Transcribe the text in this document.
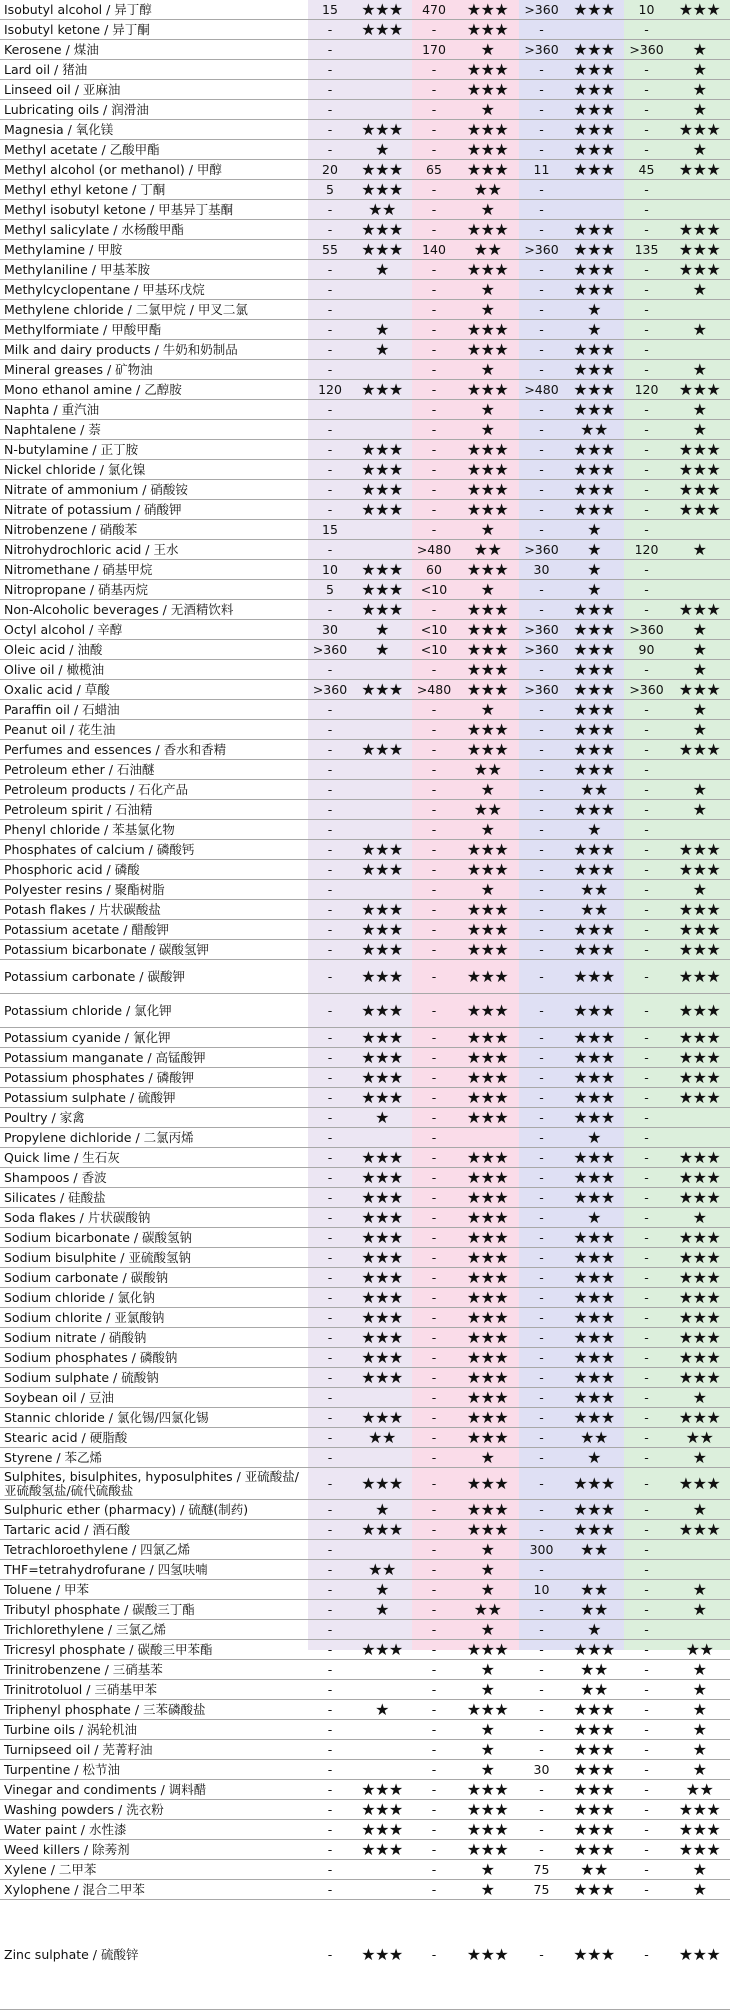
Isobutyl alcohol / 异丁醇	15	★★★	470	★★★	>360	★★★	10	★★★
Isobutyl ketone / 异丁酮	-	★★★	-	★★★	-		-	
Kerosene / 煤油	-		170	★	>360	★★★	>360	★
Lard oil / 猪油	-		-	★★★	-	★★★	-	★
Linseed oil / 亚麻油	-		-	★★★	-	★★★	-	★
Lubricating oils / 润滑油	-		-	★	-	★★★	-	★
Magnesia / 氧化镁	-	★★★	-	★★★	-	★★★	-	★★★
Methyl acetate / 乙酸甲酯	-	★	-	★★★	-	★★★	-	★
Methyl alcohol (or methanol) / 甲醇	20	★★★	65	★★★	11	★★★	45	★★★
Methyl ethyl ketone / 丁酮	5	★★★	-	★★	-		-	
Methyl isobutyl ketone / 甲基异丁基酮	-	★★	-	★	-		-	
Methyl salicylate / 水杨酸甲酯	-	★★★	-	★★★	-	★★★	-	★★★
Methylamine / 甲胺	55	★★★	140	★★	>360	★★★	135	★★★
Methylaniline / 甲基苯胺	-	★	-	★★★	-	★★★	-	★★★
Methylcyclopentane / 甲基环戊烷	-		-	★	-	★★★	-	★
Methylene chloride / 二氯甲烷 / 甲叉二氯	-		-	★	-	★	-	
Methylformiate / 甲酸甲酯	-	★	-	★★★	-	★	-	★
Milk and dairy products / 牛奶和奶制品	-	★	-	★★★	-	★★★	-	
Mineral greases / 矿物油	-		-	★	-	★★★	-	★
Mono ethanol amine / 乙醇胺	120	★★★	-	★★★	>480	★★★	120	★★★
Naphta / 重汽油	-		-	★	-	★★★	-	★
Naphtalene / 萘	-		-	★	-	★★	-	★
N-butylamine / 正丁胺	-	★★★	-	★★★	-	★★★	-	★★★
Nickel chloride / 氯化镍	-	★★★	-	★★★	-	★★★	-	★★★
Nitrate of ammonium / 硝酸铵	-	★★★	-	★★★	-	★★★	-	★★★
Nitrate of potassium / 硝酸钾	-	★★★	-	★★★	-	★★★	-	★★★
Nitrobenzene / 硝酸苯	15		-	★	-	★	-	
Nitrohydrochloric acid / 王水	-		>480	★★	>360	★	120	★
Nitromethane / 硝基甲烷	10	★★★	60	★★★	30	★	-	
Nitropropane / 硝基丙烷	5	★★★	<10	★	-	★	-	
Non-Alcoholic beverages / 无酒精饮料	-	★★★	-	★★★	-	★★★	-	★★★
Octyl alcohol / 辛醇	30	★	<10	★★★	>360	★★★	>360	★
Oleic acid / 油酸	>360	★	<10	★★★	>360	★★★	90	★
Olive oil / 橄榄油	-		-	★★★	-	★★★	-	★
Oxalic acid / 草酸	>360	★★★	>480	★★★	>360	★★★	>360	★★★
Paraffin oil / 石蜡油	-		-	★	-	★★★	-	★
Peanut oil / 花生油	-		-	★★★	-	★★★	-	★
Perfumes and essences / 香水和香精	-	★★★	-	★★★	-	★★★	-	★★★
Petroleum ether / 石油醚	-		-	★★	-	★★★	-	
Petroleum products / 石化产品	-		-	★	-	★★	-	★
Petroleum spirit / 石油精	-		-	★★	-	★★★	-	★
Phenyl chloride / 苯基氯化物	-		-	★	-	★	-	
Phosphates of calcium / 磷酸钙	-	★★★	-	★★★	-	★★★	-	★★★
Phosphoric acid / 磷酸	-	★★★	-	★★★	-	★★★	-	★★★
Polyester resins / 聚酯树脂	-		-	★	-	★★	-	★
Potash flakes / 片状碳酸盐	-	★★★	-	★★★	-	★★	-	★★★
Potassium acetate / 醋酸钾	-	★★★	-	★★★	-	★★★	-	★★★
Potassium bicarbonate / 碳酸氢钾	-	★★★	-	★★★	-	★★★	-	★★★
Potassium carbonate / 碳酸钾	-	★★★	-	★★★	-	★★★	-	★★★
Potassium chloride / 氯化钾	-	★★★	-	★★★	-	★★★	-	★★★
Potassium cyanide / 氰化钾	-	★★★	-	★★★	-	★★★	-	★★★
Potassium manganate / 高锰酸钾	-	★★★	-	★★★	-	★★★	-	★★★
Potassium phosphates / 磷酸钾	-	★★★	-	★★★	-	★★★	-	★★★
Potassium sulphate / 硫酸钾	-	★★★	-	★★★	-	★★★	-	★★★
Poultry / 家禽	-	★	-	★★★	-	★★★	-	
Propylene dichloride / 二氯丙烯	-		-		-	★	-	
Quick lime / 生石灰	-	★★★	-	★★★	-	★★★	-	★★★
Shampoos / 香波	-	★★★	-	★★★	-	★★★	-	★★★
Silicates / 硅酸盐	-	★★★	-	★★★	-	★★★	-	★★★
Soda flakes / 片状碳酸钠	-	★★★	-	★★★	-	★	-	★
Sodium bicarbonate / 碳酸氢钠	-	★★★	-	★★★	-	★★★	-	★★★
Sodium bisulphite / 亚硫酸氢钠	-	★★★	-	★★★	-	★★★	-	★★★
Sodium carbonate / 碳酸钠	-	★★★	-	★★★	-	★★★	-	★★★
Sodium chloride / 氯化钠	-	★★★	-	★★★	-	★★★	-	★★★
Sodium chlorite / 亚氯酸钠	-	★★★	-	★★★	-	★★★	-	★★★
Sodium nitrate / 硝酸钠	-	★★★	-	★★★	-	★★★	-	★★★
Sodium phosphates / 磷酸钠	-	★★★	-	★★★	-	★★★	-	★★★
Sodium sulphate / 硫酸钠	-	★★★	-	★★★	-	★★★	-	★★★
Soybean oil / 豆油	-		-	★★★	-	★★★	-	★
Stannic chloride / 氯化锡/四氯化锡	-	★★★	-	★★★	-	★★★	-	★★★
Stearic acid / 硬脂酸	-	★★	-	★★★	-	★★	-	★★
Styrene / 苯乙烯	-		-	★	-	★	-	★
Sulphites, bisulphites, hyposulphites / 亚硫酸盐/亚硫酸氢盐/硫代硫酸盐	-	★★★	-	★★★	-	★★★	-	★★★
Sulphuric ether (pharmacy) / 硫醚(制药)	-	★	-	★★★	-	★★★	-	★
Tartaric acid / 酒石酸	-	★★★	-	★★★	-	★★★	-	★★★
Tetrachloroethylene / 四氯乙烯	-		-	★	300	★★	-	
THF=tetrahydrofurane / 四氢呋喃	-	★★	-	★	-		-	
Toluene / 甲苯	-	★	-	★	10	★★	-	★
Tributyl phosphate / 碳酸三丁酯	-	★	-	★★	-	★★	-	★
Trichlorethylene / 三氯乙烯	-		-	★	-	★	-	
Tricresyl phosphate / 碳酸三甲苯酯	-	★★★	-	★★★	-	★★★	-	★★
Trinitrobenzene / 三硝基苯	-		-	★	-	★★	-	★
Trinitrotoluol / 三硝基甲苯	-		-	★	-	★★	-	★
Triphenyl phosphate / 三苯磷酸盐	-	★	-	★★★	-	★★★	-	★
Turbine oils / 涡轮机油	-		-	★	-	★★★	-	★
Turnipseed oil / 芜菁籽油	-		-	★	-	★★★	-	★
Turpentine / 松节油	-		-	★	30	★★★	-	★
Vinegar and condiments / 调料醋	-	★★★	-	★★★	-	★★★	-	★★
Washing powders / 洗衣粉	-	★★★	-	★★★	-	★★★	-	★★★
Water paint / 水性漆	-	★★★	-	★★★	-	★★★	-	★★★
Weed killers / 除莠剂	-	★★★	-	★★★	-	★★★	-	★★★
Xylene / 二甲苯	-		-	★	75	★★	-	★
Xylophene / 混合二甲苯	-		-	★	75	★★★	-	★
Zinc sulphate / 硫酸锌	-	★★★	-	★★★	-	★★★	-	★★★
